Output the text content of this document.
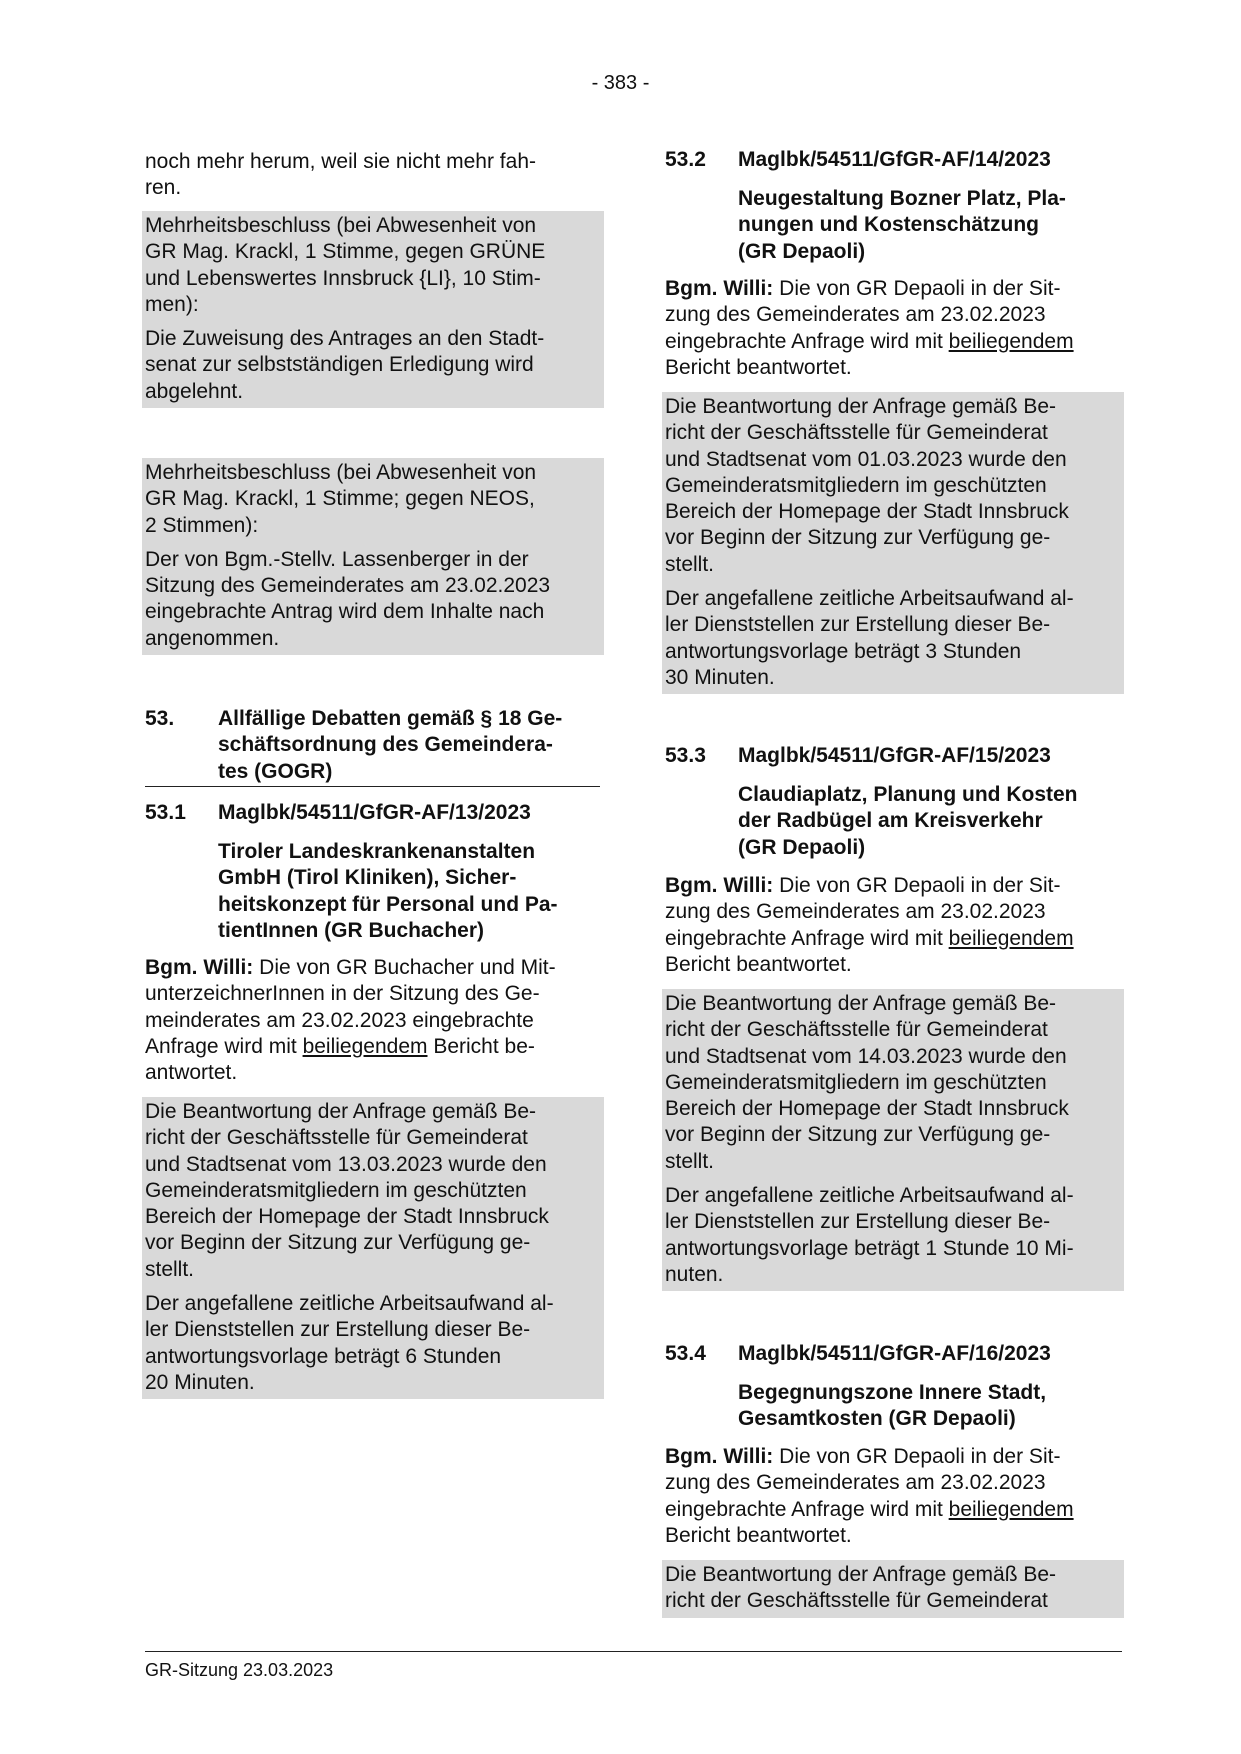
- 383 -
noch mehr herum, weil sie nicht mehr fah-
ren.
Mehrheitsbeschluss (bei Abwesenheit von
GR Mag. Krackl, 1 Stimme, gegen GRÜNE
und Lebenswertes Innsbruck {LI}, 10 Stim-
men):
Die Zuweisung des Antrages an den Stadt-
senat zur selbstständigen Erledigung wird
abgelehnt.
Mehrheitsbeschluss (bei Abwesenheit von
GR Mag. Krackl, 1 Stimme; gegen NEOS,
2 Stimmen):
Der von Bgm.-Stellv. Lassenberger in der
Sitzung des Gemeinderates am 23.02.2023
eingebrachte Antrag wird dem Inhalte nach
angenommen.
53. Allfällige Debatten gemäß § 18 Ge-
schäftsordnung des Gemeindera-
tes (GOGR)
53.1	Maglbk/54511/GfGR-AF/13/2023
Tiroler Landeskrankenanstalten
GmbH (Tirol Kliniken), Sicher-
heitskonzept für Personal und Pa-
tientInnen (GR Buchacher)
Bgm. Willi: Die von GR Buchacher und Mit-
unterzeichnerInnen in der Sitzung des Ge-
meinderates am 23.02.2023 eingebrachte
Anfrage wird mit beiliegendem Bericht be-
antwortet.
Die Beantwortung der Anfrage gemäß Be-
richt der Geschäftsstelle für Gemeinderat
und Stadtsenat vom 13.03.2023 wurde den
Gemeinderatsmitgliedern im geschützten
Bereich der Homepage der Stadt Innsbruck
vor Beginn der Sitzung zur Verfügung ge-
stellt.
Der angefallene zeitliche Arbeitsaufwand al-
ler Dienststellen zur Erstellung dieser Be-
antwortungsvorlage beträgt 6 Stunden
20 Minuten.
53.2	Maglbk/54511/GfGR-AF/14/2023
Neugestaltung Bozner Platz, Pla-
nungen und Kostenschätzung
(GR Depaoli)
Bgm. Willi: Die von GR Depaoli in der Sit-
zung des Gemeinderates am 23.02.2023
eingebrachte Anfrage wird mit beiliegendem
Bericht beantwortet.
Die Beantwortung der Anfrage gemäß Be-
richt der Geschäftsstelle für Gemeinderat
und Stadtsenat vom 01.03.2023 wurde den
Gemeinderatsmitgliedern im geschützten
Bereich der Homepage der Stadt Innsbruck
vor Beginn der Sitzung zur Verfügung ge-
stellt.
Der angefallene zeitliche Arbeitsaufwand al-
ler Dienststellen zur Erstellung dieser Be-
antwortungsvorlage beträgt 3 Stunden
30 Minuten.
53.3	Maglbk/54511/GfGR-AF/15/2023
Claudiaplatz, Planung und Kosten
der Radbügel am Kreisverkehr
(GR Depaoli)
Bgm. Willi: Die von GR Depaoli in der Sit-
zung des Gemeinderates am 23.02.2023
eingebrachte Anfrage wird mit beiliegendem
Bericht beantwortet.
Die Beantwortung der Anfrage gemäß Be-
richt der Geschäftsstelle für Gemeinderat
und Stadtsenat vom 14.03.2023 wurde den
Gemeinderatsmitgliedern im geschützten
Bereich der Homepage der Stadt Innsbruck
vor Beginn der Sitzung zur Verfügung ge-
stellt.
Der angefallene zeitliche Arbeitsaufwand al-
ler Dienststellen zur Erstellung dieser Be-
antwortungsvorlage beträgt 1 Stunde 10 Mi-
nuten.
53.4	Maglbk/54511/GfGR-AF/16/2023
Begegnungszone Innere Stadt,
Gesamtkosten (GR Depaoli)
Bgm. Willi: Die von GR Depaoli in der Sit-
zung des Gemeinderates am 23.02.2023
eingebrachte Anfrage wird mit beiliegendem
Bericht beantwortet.
Die Beantwortung der Anfrage gemäß Be-
richt der Geschäftsstelle für Gemeinderat
GR-Sitzung 23.03.2023
